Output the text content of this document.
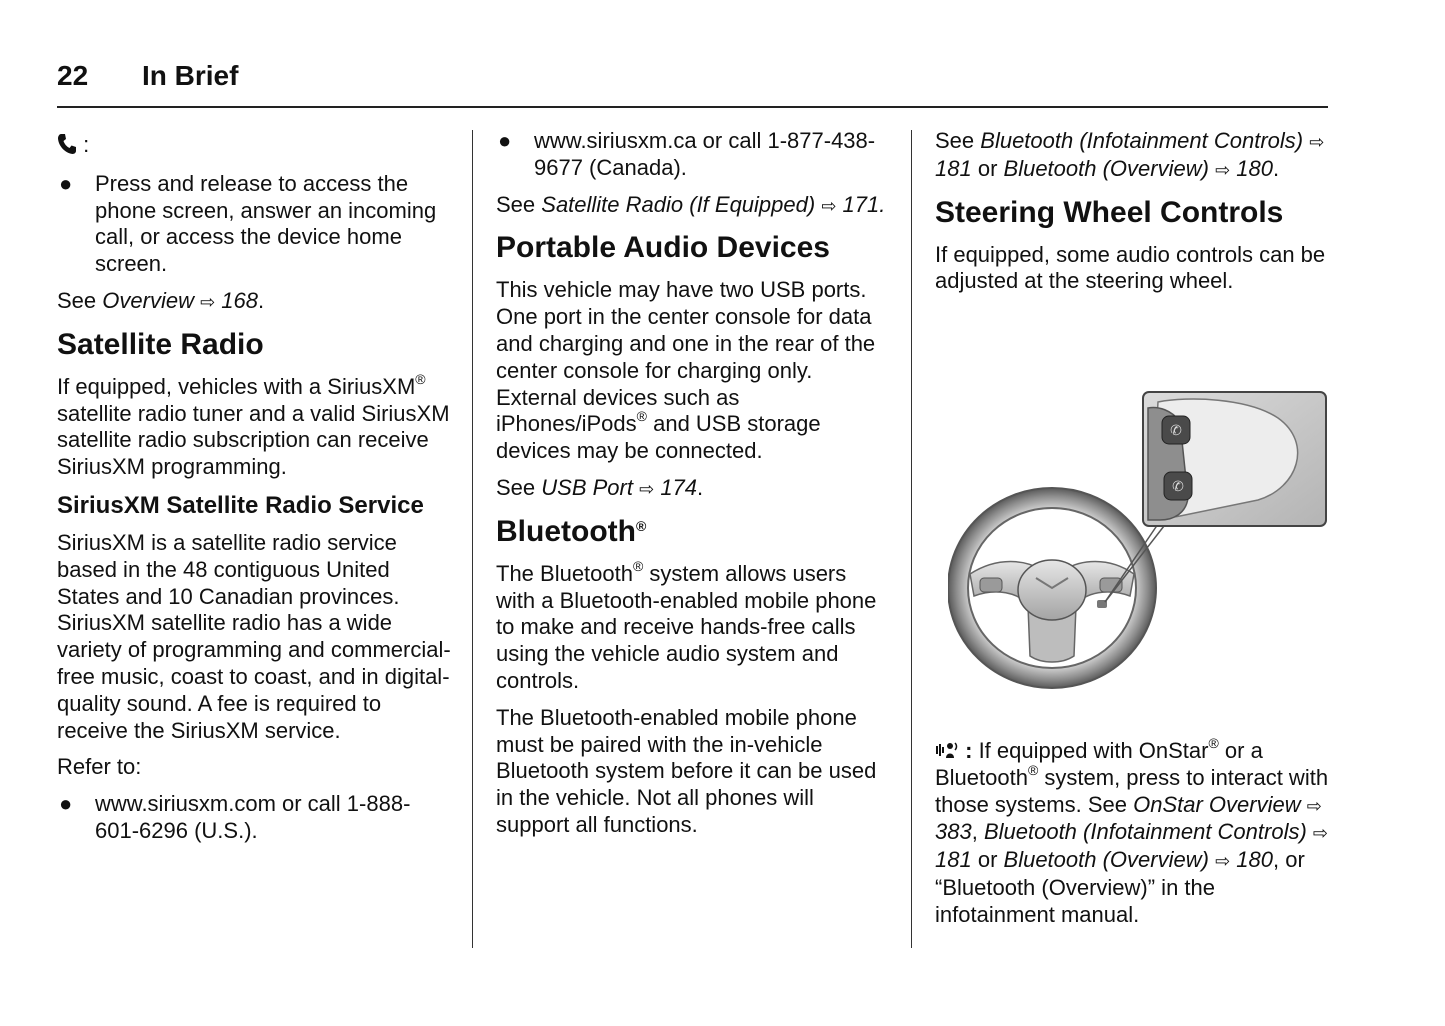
22 In Brief

:

● Press and release to access the phone screen, answer an incoming call, or access the device home screen.

See Overview ⇨ 168.

Satellite Radio

If equipped, vehicles with a SiriusXM® satellite radio tuner and a valid SiriusXM satellite radio subscription can receive SiriusXM programming.

SiriusXM Satellite Radio Service

SiriusXM is a satellite radio service based in the 48 contiguous United States and 10 Canadian provinces. SiriusXM satellite radio has a wide variety of programming and commercial-free music, coast to coast, and in digital-quality sound. A fee is required to receive the SiriusXM service.

Refer to:

● www.siriusxm.com or call 1-888-601-6296 (U.S.).
● www.siriusxm.ca or call 1-877-438-9677 (Canada).

See Satellite Radio (If Equipped) ⇨ 171.

Portable Audio Devices

This vehicle may have two USB ports. One port in the center console for data and charging and one in the rear of the center console for charging only. External devices such as iPhones/iPods® and USB storage devices may be connected.

See USB Port ⇨ 174.

Bluetooth®

The Bluetooth® system allows users with a Bluetooth-enabled mobile phone to make and receive hands-free calls using the vehicle audio system and controls.

The Bluetooth-enabled mobile phone must be paired with the in-vehicle Bluetooth system before it can be used in the vehicle. Not all phones will support all functions.

See Bluetooth (Infotainment Controls) ⇨ 181 or Bluetooth (Overview) ⇨ 180.

Steering Wheel Controls

If equipped, some audio controls can be adjusted at the steering wheel.

✆
✆

: If equipped with OnStar® or a Bluetooth® system, press to interact with those systems. See OnStar Overview ⇨ 383, Bluetooth (Infotainment Controls) ⇨ 181 or Bluetooth (Overview) ⇨ 180, or “Bluetooth (Overview)” in the infotainment manual.
